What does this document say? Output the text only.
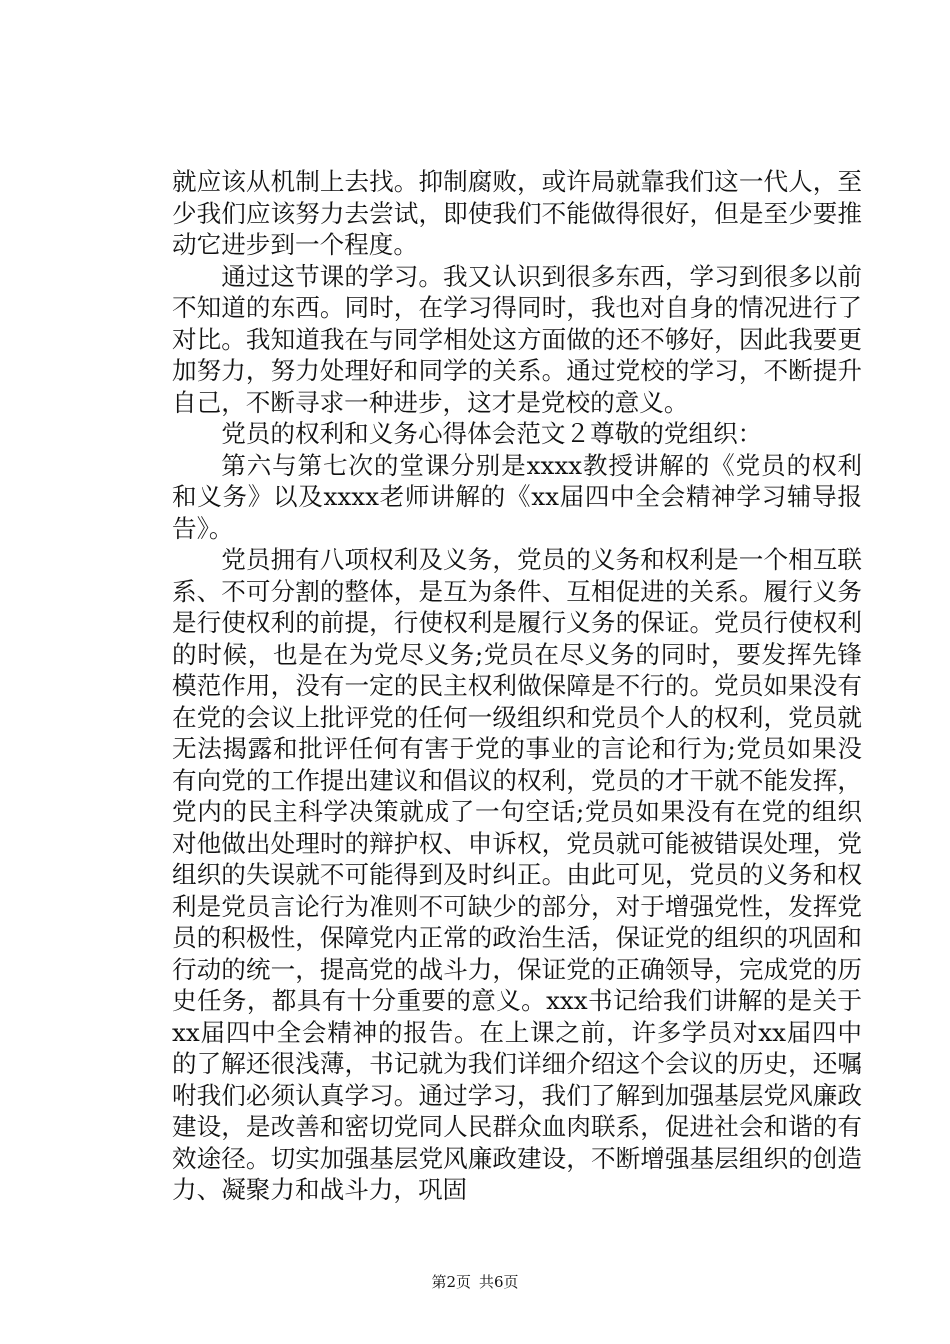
就应该从机制上去找。抑制腐败，或许局就靠我们这一代人，至少我们应该努力去尝试，即使我们不能做得很好，但是至少要推动它进步到一个程度。

通过这节课的学习。我又认识到很多东西，学习到很多以前不知道的东西。同时，在学习得同时，我也对自身的情况进行了对比。我知道我在与同学相处这方面做的还不够好，因此我要更加努力，努力处理好和同学的关系。通过党校的学习，不断提升自己，不断寻求一种进步，这才是党校的意义。

党员的权利和义务心得体会范文２尊敬的党组织：

第六与第七次的堂课分别是xxxx教授讲解的《党员的权利和义务》以及xxxx老师讲解的《xx届四中全会精神学习辅导报告》。

党员拥有八项权利及义务，党员的义务和权利是一个相互联系、不可分割的整体，是互为条件、互相促进的关系。履行义务是行使权利的前提，行使权利是履行义务的保证。党员行使权利的时候，也是在为党尽义务;党员在尽义务的同时，要发挥先锋模范作用，没有一定的民主权利做保障是不行的。党员如果没有在党的会议上批评党的任何一级组织和党员个人的权利，党员就无法揭露和批评任何有害于党的事业的言论和行为;党员如果没有向党的工作提出建议和倡议的权利，党员的才干就不能发挥，党内的民主科学决策就成了一句空话;党员如果没有在党的组织对他做出处理时的辩护权、申诉权，党员就可能被错误处理，党组织的失误就不可能得到及时纠正。由此可见，党员的义务和权利是党员言论行为准则不可缺少的部分，对于增强党性，发挥党员的积极性，保障党内正常的政治生活，保证党的组织的巩固和行动的统一，提高党的战斗力，保证党的正确领导，完成党的历史任务，都具有十分重要的意义。xxx书记给我们讲解的是关于xx届四中全会精神的报告。在上课之前，许多学员对xx届四中的了解还很浅薄，书记就为我们详细介绍这个会议的历史，还嘱咐我们必须认真学习。通过学习，我们了解到加强基层党风廉政建设，是改善和密切党同人民群众血肉联系，促进社会和谐的有效途径。切实加强基层党风廉政建设，不断增强基层组织的创造力、凝聚力和战斗力，巩固

第2页 共6页
